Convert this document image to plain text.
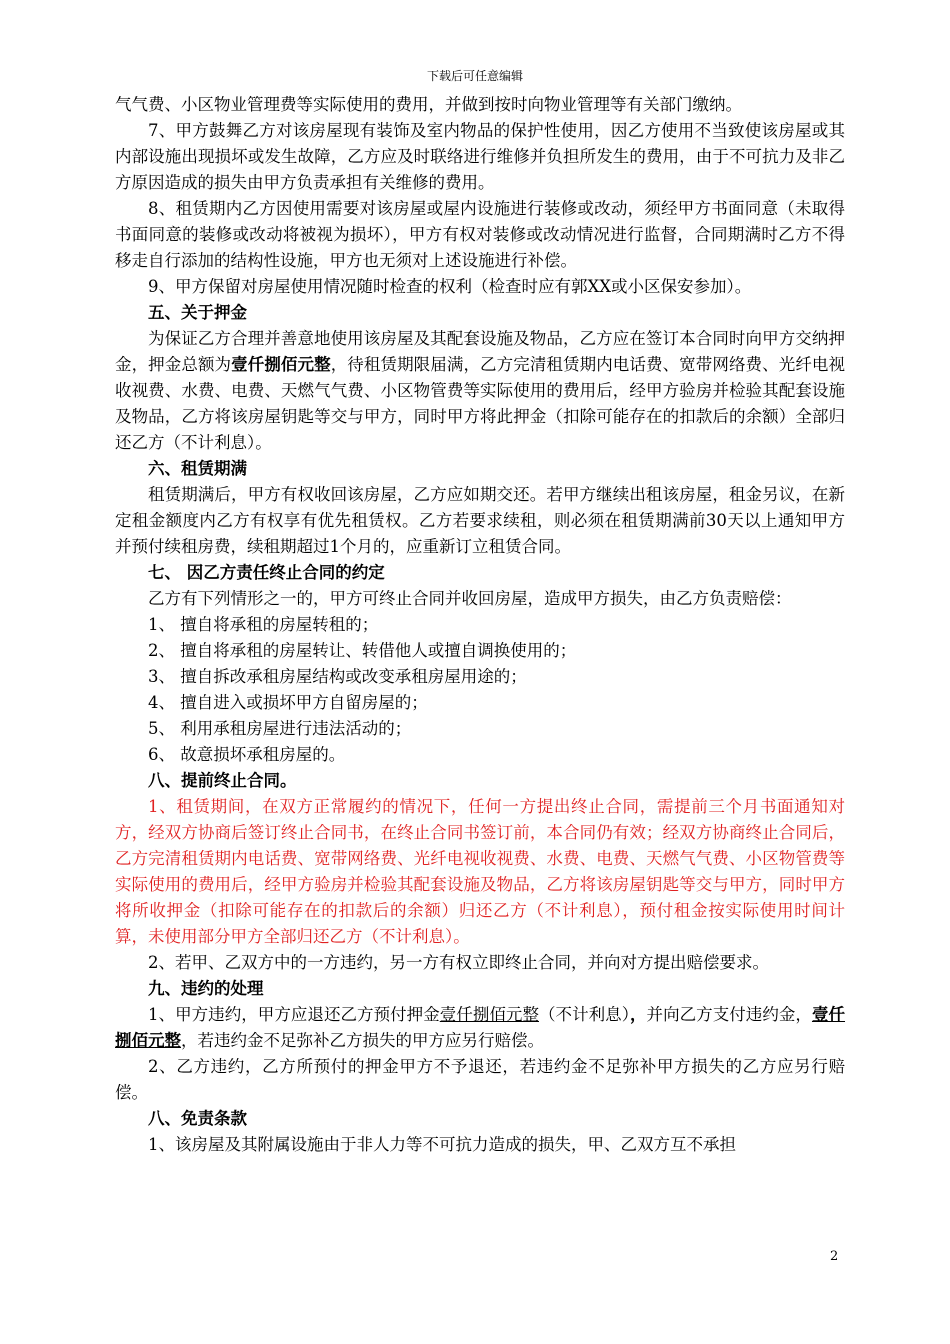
下载后可任意编辑

气气费、小区物业管理费等实际使用的费用，并做到按时向物业管理等有关部门缴纳。

7、甲方鼓舞乙方对该房屋现有装饰及室内物品的保护性使用，因乙方使用不当致使该房屋或其内部设施出现损坏或发生故障，乙方应及时联络进行维修并负担所发生的费用，由于不可抗力及非乙方原因造成的损失由甲方负责承担有关维修的费用。

8、租赁期内乙方因使用需要对该房屋或屋内设施进行装修或改动，须经甲方书面同意（未取得书面同意的装修或改动将被视为损坏），甲方有权对装修或改动情况进行监督，合同期满时乙方不得移走自行添加的结构性设施，甲方也无须对上述设施进行补偿。

9、甲方保留对房屋使用情况随时检查的权利（检查时应有郭XX或小区保安参加）。

五、关于押金

为保证乙方合理并善意地使用该房屋及其配套设施及物品，乙方应在签订本合同时向甲方交纳押金，押金总额为壹仟捌佰元整，待租赁期限届满，乙方完清租赁期内电话费、宽带网络费、光纤电视收视费、水费、电费、天燃气气费、小区物管费等实际使用的费用后，经甲方验房并检验其配套设施及物品，乙方将该房屋钥匙等交与甲方，同时甲方将此押金（扣除可能存在的扣款后的余额）全部归还乙方（不计利息）。

六、租赁期满

租赁期满后，甲方有权收回该房屋，乙方应如期交还。若甲方继续出租该房屋，租金另议，在新定租金额度内乙方有权享有优先租赁权。乙方若要求续租，则必须在租赁期满前30天以上通知甲方并预付续租房费，续租期超过1个月的，应重新订立租赁合同。

七、 因乙方责任终止合同的约定

乙方有下列情形之一的，甲方可终止合同并收回房屋，造成甲方损失，由乙方负责赔偿：

1、 擅自将承租的房屋转租的；

2、 擅自将承租的房屋转让、转借他人或擅自调换使用的；

3、 擅自拆改承租房屋结构或改变承租房屋用途的；

4、 擅自进入或损坏甲方自留房屋的；

5、 利用承租房屋进行违法活动的；

6、 故意损坏承租房屋的。

八、提前终止合同。

1、租赁期间，在双方正常履约的情况下，任何一方提出终止合同，需提前三个月书面通知对方，经双方协商后签订终止合同书，在终止合同书签订前，本合同仍有效；经双方协商终止合同后，乙方完清租赁期内电话费、宽带网络费、光纤电视收视费、水费、电费、天燃气气费、小区物管费等实际使用的费用后，经甲方验房并检验其配套设施及物品，乙方将该房屋钥匙等交与甲方，同时甲方将所收押金（扣除可能存在的扣款后的余额）归还乙方（不计利息），预付租金按实际使用时间计算，未使用部分甲方全部归还乙方（不计利息）。

2、若甲、乙双方中的一方违约，另一方有权立即终止合同，并向对方提出赔偿要求。

九、违约的处理

1、甲方违约，甲方应退还乙方预付押金壹仟捌佰元整（不计利息），并向乙方支付违约金，壹仟捌佰元整，若违约金不足弥补乙方损失的甲方应另行赔偿。

2、乙方违约，乙方所预付的押金甲方不予退还，若违约金不足弥补甲方损失的乙方应另行赔偿。

八、免责条款

1、该房屋及其附属设施由于非人力等不可抗力造成的损失，甲、乙双方互不承担

2
